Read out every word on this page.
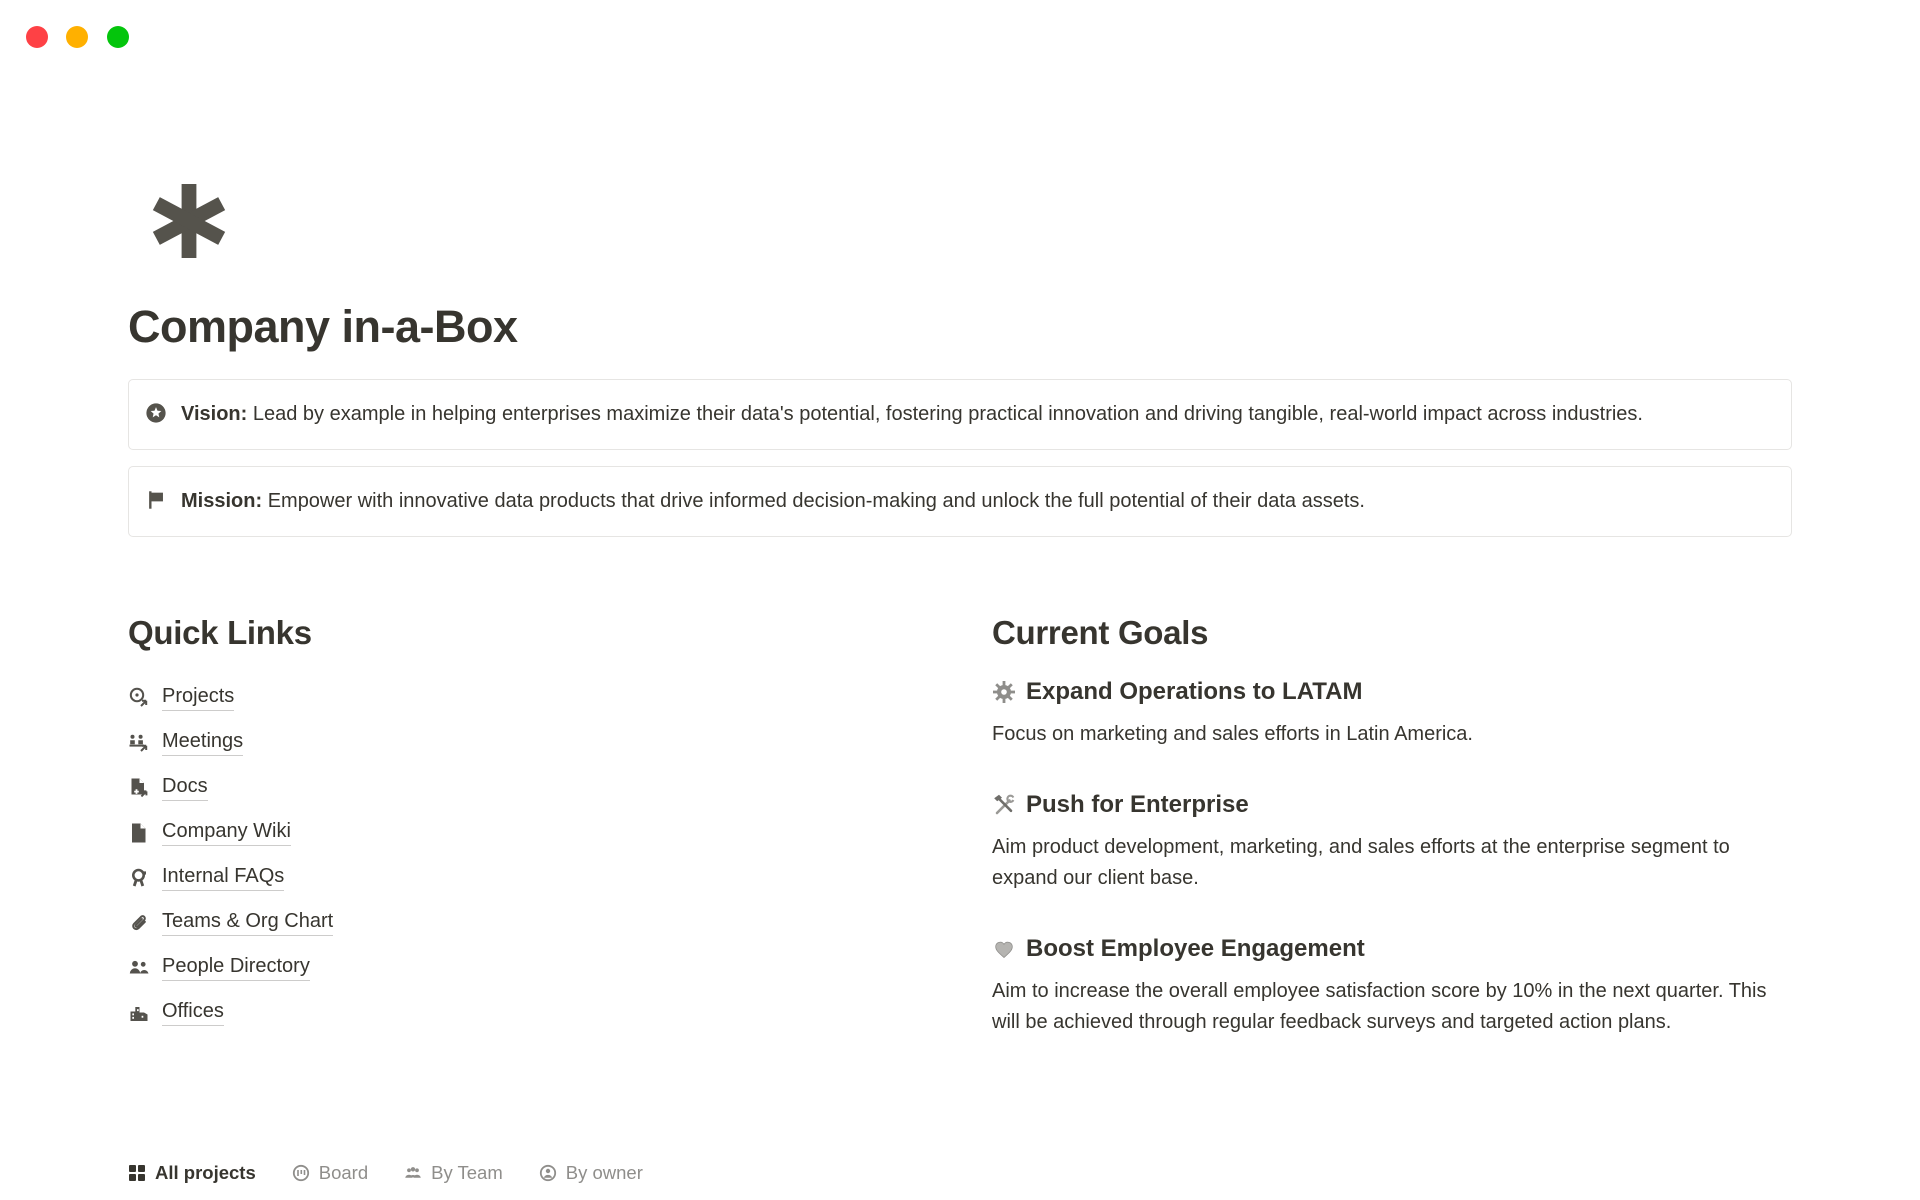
Company in-a-Box

Vision: Lead by example in helping enterprises maximize their data's potential, fostering practical innovation and driving tangible, real-world impact across industries.

Mission: Empower with innovative data products that drive informed decision-making and unlock the full potential of their data assets.

Quick Links
Projects
Meetings
Docs
Company Wiki
Internal FAQs
Teams & Org Chart
People Directory
Offices
Current Goals
Expand Operations to LATAM

Focus on marketing and sales efforts in Latin America.

Push for Enterprise

Aim product development, marketing, and sales efforts at the enterprise segment to expand our client base.

Boost Employee Engagement

Aim to increase the overall employee satisfaction score by 10% in the next quarter. This will be achieved through regular feedback surveys and targeted action plans.

All projects	Board	By Team	By owner
